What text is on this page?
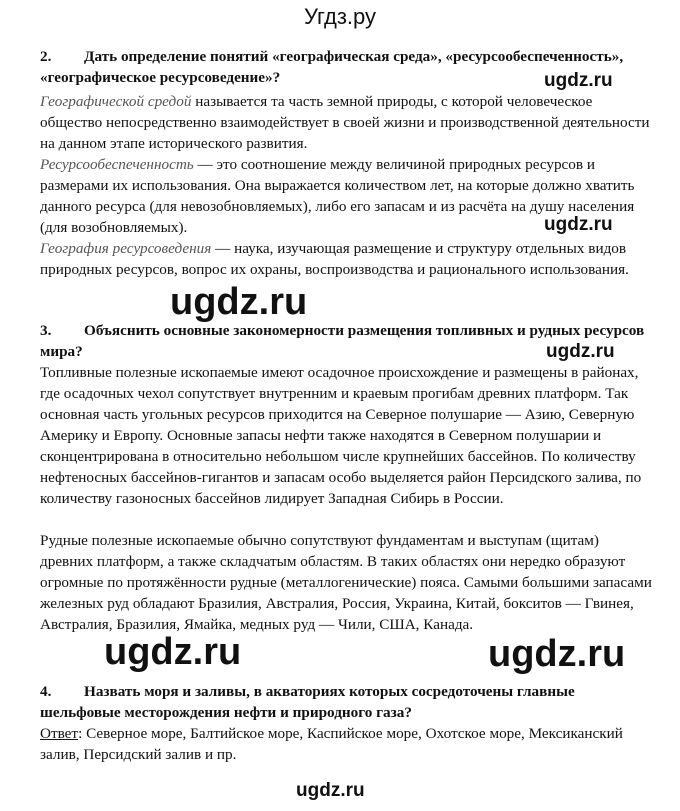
Угдз.ру

2. Дать определение понятий «географическая среда», «ресурсообеспеченность», «географическое ресурсоведение»?

Географической средой называется та часть земной природы, с которой человеческое общество непосредственно взаимодействует в своей жизни и производственной деятельности на данном этапе исторического развития.

Ресурсообеспеченность — это соотношение между величиной природных ресурсов и размерами их использования. Она выражается количеством лет, на которые должно хватить данного ресурса (для невозобновляемых), либо его запасам и из расчёта на душу населения (для возобновляемых).

География ресурсоведения — наука, изучающая размещение и структуру отдельных видов природных ресурсов, вопрос их охраны, воспроизводства и рационального использования.

3. Объяснить основные закономерности размещения топливных и рудных ресурсов мира?

Топливные полезные ископаемые имеют осадочное происхождение и размещены в районах, где осадочных чехол сопутствует внутренним и краевым прогибам древних платформ. Так основная часть угольных ресурсов приходится на Северное полушарие — Азию, Северную Америку и Европу. Основные запасы нефти также находятся в Северном полушарии и сконцентрирована в относительно небольшом числе крупнейших бассейнов. По количеству нефтеносных бассейнов-гигантов и запасам особо выделяется район Персидского залива, по количеству газоносных бассейнов лидирует Западная Сибирь в России.

Рудные полезные ископаемые обычно сопутствуют фундаментам и выступам (щитам) древних платформ, а также складчатым областям. В таких областях они нередко образуют огромные по протяжённости рудные (металлогенические) пояса. Самыми большими запасами железных руд обладают Бразилия, Австралия, Россия, Украина, Китай, бокситов — Гвинея, Австралия, Бразилия, Ямайка, медных руд — Чили, США, Канада.

4. Назвать моря и заливы, в акваториях которых сосредоточены главные шельфовые месторождения нефти и природного газа?

Ответ: Северное море, Балтийское море, Каспийское море, Охотское море, Мексиканский залив, Персидский залив и пр.

ugdz.ru
ugdz.ru
ugdz.ru
ugdz.ru
ugdz.ru	ugdz.ru
ugdz.ru
